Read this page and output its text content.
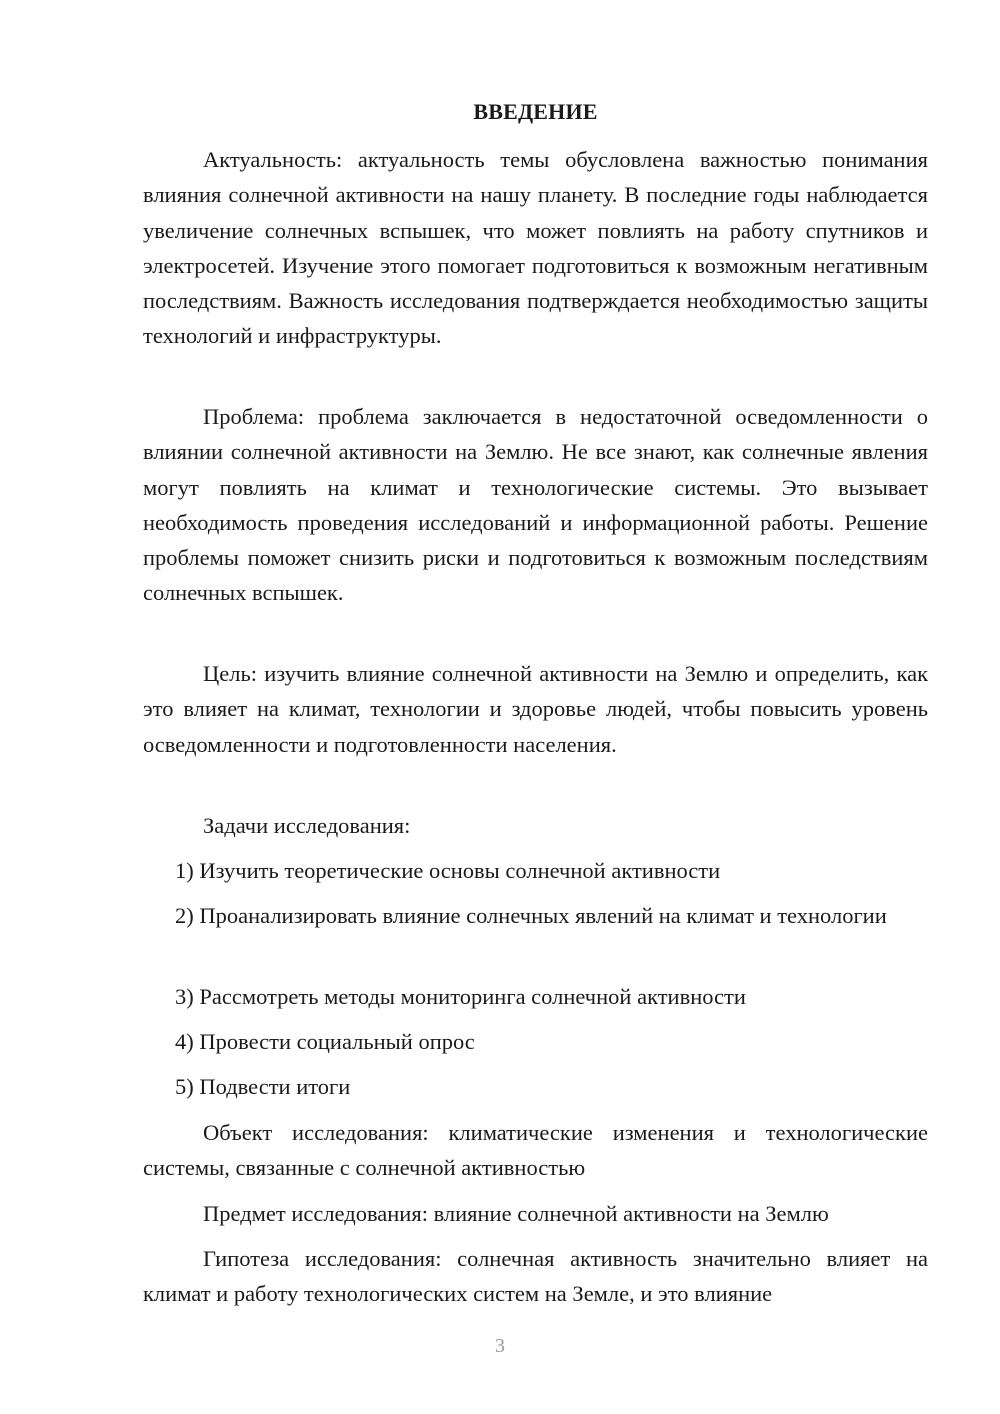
ВВЕДЕНИЕ

Актуальность: актуальность темы обусловлена важностью понимания влияния солнечной активности на нашу планету. В последние годы наблюдается увеличение солнечных вспышек, что может повлиять на работу спутников и электросетей. Изучение этого помогает подготовиться к возможным негативным последствиям. Важность исследования подтверждается необходимостью защиты технологий и инфраструктуры.

Проблема: проблема заключается в недостаточной осведомленности о влиянии солнечной активности на Землю. Не все знают, как солнечные явления могут повлиять на климат и технологические системы. Это вызывает необходимость проведения исследований и информационной работы. Решение проблемы поможет снизить риски и подготовиться к возможным последствиям солнечных вспышек.

Цель: изучить влияние солнечной активности на Землю и определить, как это влияет на климат, технологии и здоровье людей, чтобы повысить уровень осведомленности и подготовленности населения.

Задачи исследования:

1) Изучить теоретические основы солнечной активности

2) Проанализировать влияние солнечных явлений на климат и технологии

3) Рассмотреть методы мониторинга солнечной активности

4) Провести социальный опрос

5) Подвести итоги

Объект исследования: климатические изменения и технологические системы, связанные с солнечной активностью

Предмет исследования: влияние солнечной активности на Землю

Гипотеза исследования: солнечная активность значительно влияет на климат и работу технологических систем на Земле, и это влияние

3
